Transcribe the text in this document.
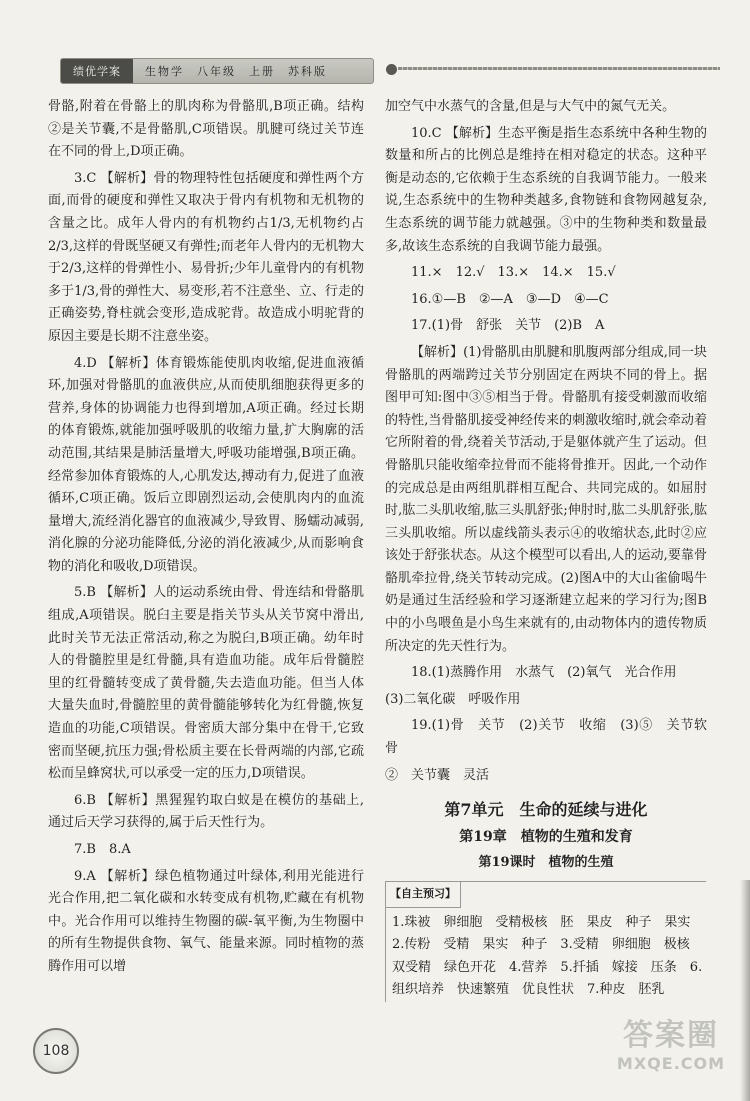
绩优学案	生物学　八年级　上册　苏科版

骨骼,附着在骨骼上的肌肉称为骨骼肌,B项正确。结构②是关节囊,不是骨骼肌,C项错误。肌腱可绕过关节连在不同的骨上,D项正确。

3.C 【解析】骨的物理特性包括硬度和弹性两个方面,而骨的硬度和弹性又取决于骨内有机物和无机物的含量之比。成年人骨内的有机物约占1/3,无机物约占2/3,这样的骨既坚硬又有弹性;而老年人骨内的无机物大于2/3,这样的骨弹性小、易骨折;少年儿童骨内的有机物多于1/3,骨的弹性大、易变形,若不注意坐、立、行走的正确姿势,脊柱就会变形,造成驼背。故造成小明驼背的原因主要是长期不注意坐姿。

4.D 【解析】体育锻炼能使肌肉收缩,促进血液循环,加强对骨骼肌的血液供应,从而使肌细胞获得更多的营养,身体的协调能力也得到增加,A项正确。经过长期的体育锻炼,就能加强呼吸肌的收缩力量,扩大胸廓的活动范围,其结果是肺活量增大,呼吸功能增强,B项正确。经常参加体育锻炼的人,心肌发达,搏动有力,促进了血液循环,C项正确。饭后立即剧烈运动,会使肌肉内的血流量增大,流经消化器官的血液减少,导致胃、肠蠕动减弱,消化腺的分泌功能降低,分泌的消化液减少,从而影响食物的消化和吸收,D项错误。

5.B 【解析】人的运动系统由骨、骨连结和骨骼肌组成,A项错误。脱臼主要是指关节头从关节窝中滑出,此时关节无法正常活动,称之为脱臼,B项正确。幼年时人的骨髓腔里是红骨髓,具有造血功能。成年后骨髓腔里的红骨髓转变成了黄骨髓,失去造血功能。但当人体大量失血时,骨髓腔里的黄骨髓能够转化为红骨髓,恢复造血的功能,C项错误。骨密质大部分集中在骨干,它致密而坚硬,抗压力强;骨松质主要在长骨两端的内部,它疏松而呈蜂窝状,可以承受一定的压力,D项错误。

6.B 【解析】黑猩猩钓取白蚁是在模仿的基础上,通过后天学习获得的,属于后天性行为。

7.B　8.A

9.A 【解析】绿色植物通过叶绿体,利用光能进行光合作用,把二氧化碳和水转变成有机物,贮藏在有机物中。光合作用可以维持生物圈的碳-氧平衡,为生物圈中的所有生物提供食物、氧气、能量来源。同时植物的蒸腾作用可以增

加空气中水蒸气的含量,但是与大气中的氮气无关。

10.C 【解析】生态平衡是指生态系统中各种生物的数量和所占的比例总是维持在相对稳定的状态。这种平衡是动态的,它依赖于生态系统的自我调节能力。一般来说,生态系统中的生物种类越多,食物链和食物网越复杂,生态系统的调节能力就越强。③中的生物种类和数量最多,故该生态系统的自我调节能力最强。

11.×　12.√　13.×　14.×　15.√

16.①—B　②—A　③—D　④—C

17.(1)骨　舒张　关节　(2)B　A

【解析】(1)骨骼肌由肌腱和肌腹两部分组成,同一块骨骼肌的两端跨过关节分别固定在两块不同的骨上。据图甲可知:图中③⑤相当于骨。骨骼肌有接受刺激而收缩的特性,当骨骼肌接受神经传来的刺激收缩时,就会牵动着它所附着的骨,绕着关节活动,于是躯体就产生了运动。但骨骼肌只能收缩牵拉骨而不能将骨推开。因此,一个动作的完成总是由两组肌群相互配合、共同完成的。如屈肘时,肱二头肌收缩,肱三头肌舒张;伸肘时,肱二头肌舒张,肱三头肌收缩。所以虚线箭头表示④的收缩状态,此时②应该处于舒张状态。从这个模型可以看出,人的运动,要靠骨骼肌牵拉骨,绕关节转动完成。(2)图A中的大山雀偷喝牛奶是通过生活经验和学习逐渐建立起来的学习行为;图B中的小鸟喂鱼是小鸟生来就有的,由动物体内的遗传物质所决定的先天性行为。

18.(1)蒸腾作用　水蒸气　(2)氧气　光合作用

(3)二氧化碳　呼吸作用

19.(1)骨　关节　(2)关节　收缩　(3)⑤　关节软骨

②　关节囊　灵活

第7单元　生命的延续与进化
第19章　植物的生殖和发育
第19课时　植物的生殖
【自主预习】
1.珠被　卵细胞　受精极核　胚　果皮　种子　果实　2.传粉　受精　果实　种子　3.受精　卵细胞　极核　双受精　绿色开花　4.营养　5.扦插　嫁接　压条　6.组织培养　快速繁殖　优良性状　7.种皮　胚乳
108	答案圈
MXQE.COM
